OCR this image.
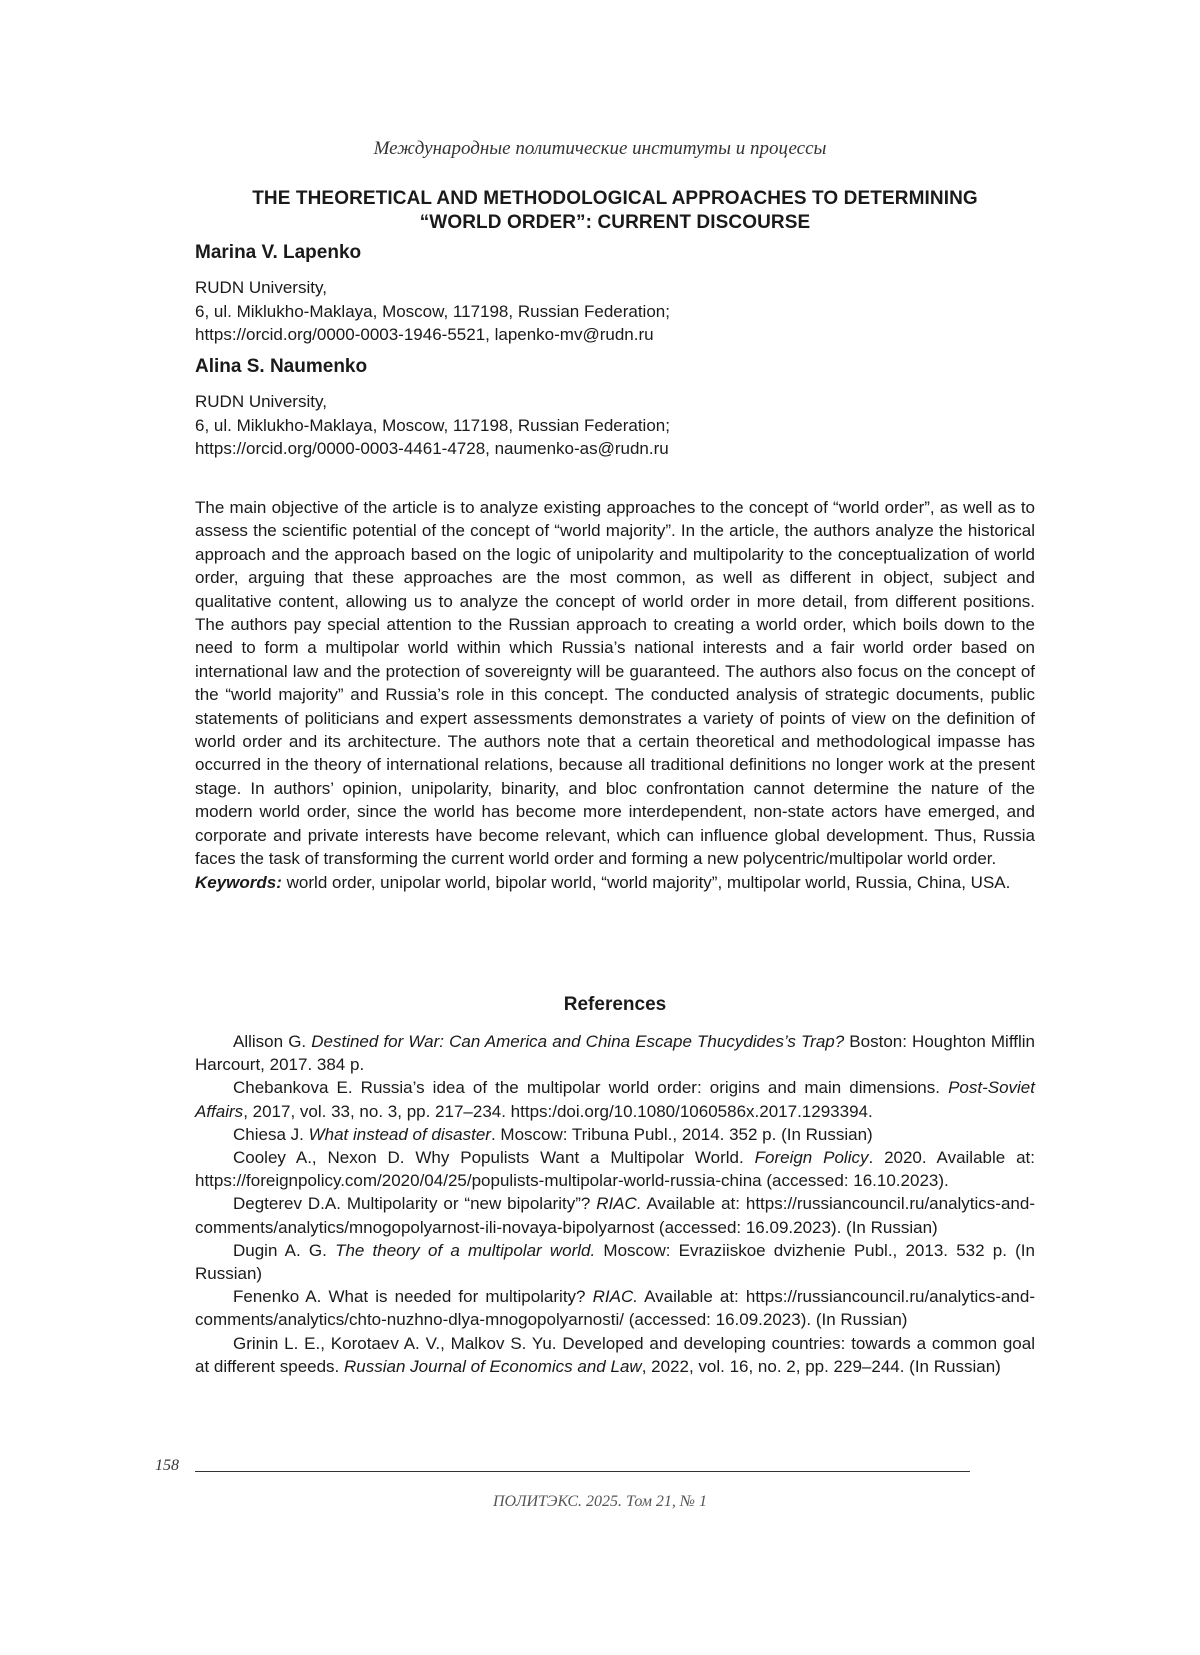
Международные политические институты и процессы
THE THEORETICAL AND METHODOLOGICAL APPROACHES TO DETERMINING
“WORLD ORDER”: CURRENT DISCOURSE
Marina V. Lapenko
RUDN University,
6, ul. Miklukho-Maklaya, Moscow, 117198, Russian Federation;
https://orcid.org/0000-0003-1946-5521, lapenko-mv@rudn.ru
Alina S. Naumenko
RUDN University,
6, ul. Miklukho-Maklaya, Moscow, 117198, Russian Federation;
https://orcid.org/0000-0003-4461-4728, naumenko-as@rudn.ru

The main objective of the article is to analyze existing approaches to the concept of “world order”, as well as to assess the scientific potential of the concept of “world majority”. In the article, the authors analyze the historical approach and the approach based on the logic of unipolarity and multipolarity to the conceptualization of world order, arguing that these approaches are the most common, as well as different in object, subject and qualitative content, allowing us to analyze the concept of world order in more detail, from different positions. The authors pay special attention to the Russian approach to creating a world order, which boils down to the need to form a multipolar world within which Russia’s national interests and a fair world order based on international law and the protection of sovereignty will be guaranteed. The authors also focus on the concept of the “world majority” and Russia’s role in this concept. The conducted analysis of strategic documents, public statements of politicians and expert assessments demonstrates a variety of points of view on the definition of world order and its architecture. The authors note that a certain theoretical and methodological impasse has occurred in the theory of international relations, because all traditional definitions no longer work at the present stage. In authors’ opinion, unipolarity, binarity, and bloc confrontation cannot determine the nature of the modern world order, since the world has become more interdependent, non-state actors have emerged, and corporate and private interests have become relevant, which can influence global development. Thus, Russia faces the task of transforming the current world order and forming a new polycentric/multipolar world order.

Keywords: world order, unipolar world, bipolar world, “world majority”, multipolar world, Russia, China, USA.

References

Allison G. Destined for War: Can America and China Escape Thucydides’s Trap? Boston: Houghton Mifflin Harcourt, 2017. 384 p.

Chebankova E. Russia’s idea of the multipolar world order: origins and main dimensions. Post-Soviet Affairs, 2017, vol. 33, no. 3, pp. 217–234. https:/doi.org/10.1080/1060586x.2017.1293394.

Chiesa J. What instead of disaster. Moscow: Tribuna Publ., 2014. 352 p. (In Russian)

Cooley A., Nexon D. Why Populists Want a Multipolar World. Foreign Policy. 2020. Available at: https://foreignpolicy.com/2020/04/25/populists-multipolar-world-russia-china (accessed: 16.10.2023).

Degterev D.A. Multipolarity or “new bipolarity”? RIAC. Available at: https://russiancouncil.ru/analytics-and-comments/analytics/mnogopolyarnost-ili-novaya-bipolyarnost (accessed: 16.09.2023). (In Russian)

Dugin A. G. The theory of a multipolar world. Moscow: Evraziiskoe dvizhenie Publ., 2013. 532 p. (In Russian)

Fenenko A. What is needed for multipolarity? RIAC. Available at: https://russiancouncil.ru/analytics-and-comments/analytics/chto-nuzhno-dlya-mnogopolyarnosti/ (accessed: 16.09.2023). (In Russian)

Grinin L. E., Korotaev A. V., Malkov S. Yu. Developed and developing countries: towards a common goal at different speeds. Russian Journal of Economics and Law, 2022, vol. 16, no. 2, pp. 229–244. (In Russian)

158
ПОЛИТЭКС. 2025. Том 21, № 1
